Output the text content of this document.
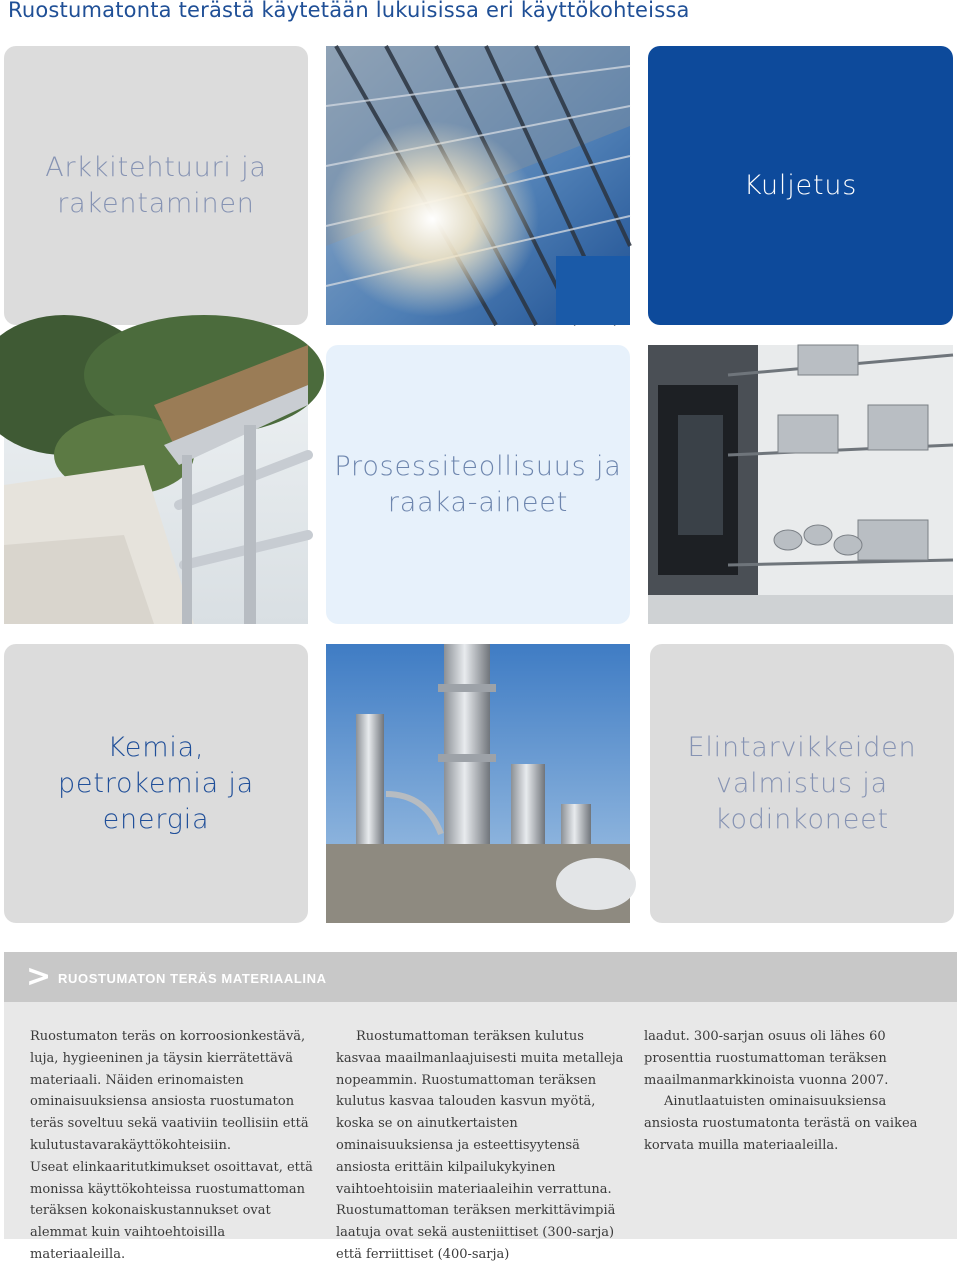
Ruostumatonta terästä käytetään lukuisissa eri käyttökohteissa
Arkkitehtuuri ja
rakentaminen
Kuljetus
Prosessiteollisuus ja
raaka-aineet
Kemia,
petrokemia ja
energia
Elintarvikkeiden
valmistus ja
kodinkoneet
> RUOSTUMATON TERÄS MATERIAALINA

Ruostumaton teräs on korroosionkestävä, luja, hygieeninen ja täysin kierrätettävä materiaali. Näiden erinomaisten ominaisuuksiensa ansiosta ruostumaton teräs soveltuu sekä vaativiin teollisiin että kulutustavarakäyttökohteisiin.

Useat elinkaaritutkimukset osoittavat, että monissa käyttökohteissa ruostumattoman teräksen kokonaiskustannukset ovat alemmat kuin vaihtoehtoisilla materiaaleilla.

Ruostumattoman teräksen kulutus kasvaa maailmanlaajuisesti muita metalleja nopeammin. Ruostumattoman teräksen kulutus kasvaa talouden kasvun myötä, koska se on ainutkertaisten ominaisuuksiensa ja esteettisyytensä ansiosta erittäin kilpailukykyinen vaihtoehtoisiin materiaaleihin verrattuna. Ruostumattoman teräksen merkittävimpiä laatuja ovat sekä austeniittiset (300-sarja) että ferriittiset (400-sarja)

laadut. 300-sarjan osuus oli lähes 60 prosenttia ruostumattoman teräksen maailmanmarkkinoista vuonna 2007.

Ainutlaatuisten ominaisuuksiensa ansiosta ruostumatonta terästä on vaikea korvata muilla materiaaleilla.
